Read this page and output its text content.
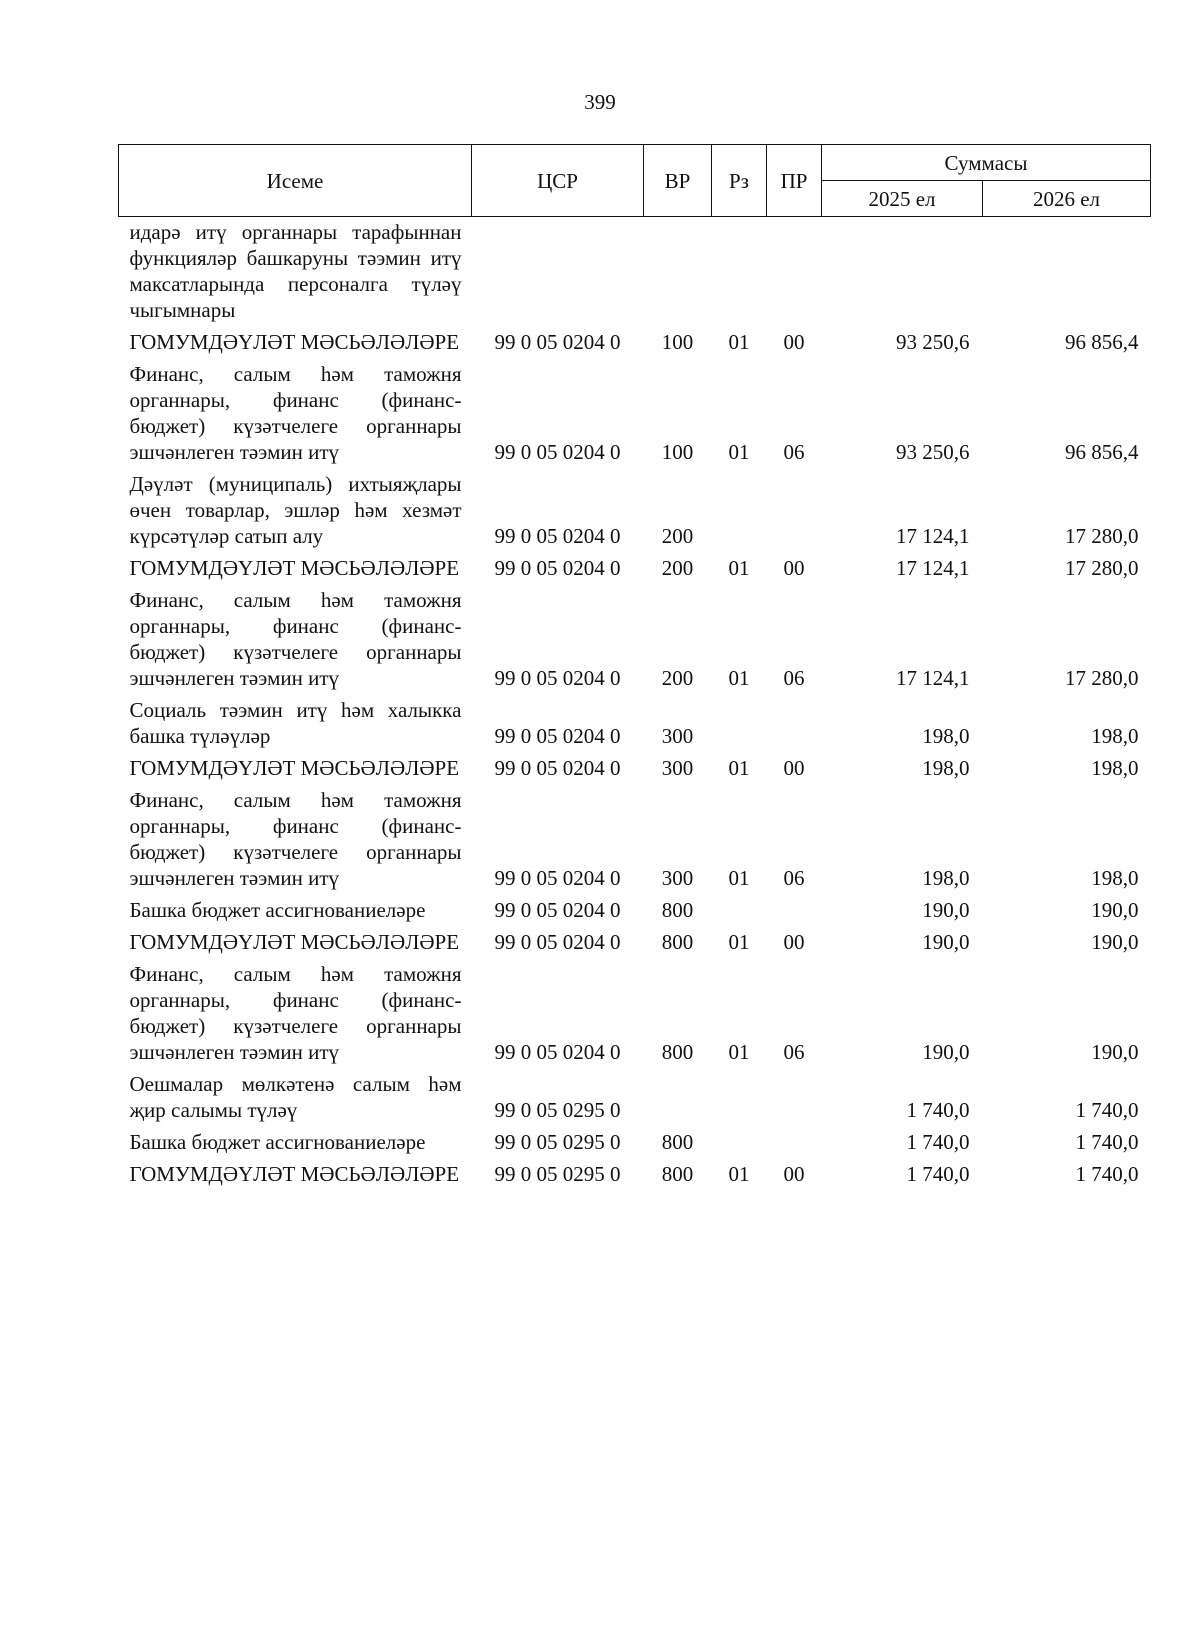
399
Исеме	ЦСР	ВР	Рз	ПР	Суммасы	
					2025 ел	2026 ел
идарә итү органнары тарафыннан функцияләр башкаруны тәэмин итү максатларында персоналга түләү чыгымнары						
ГОМУМДӘҮЛӘТ МӘСЬӘЛӘЛӘРЕ	99 0 05 0204 0	100	01	00	93 250,6	96 856,4
Финанс, салым һәм таможня органнары, финанс (финанс-бюджет) күзәтчелеге органнары эшчәнлеген тәэмин итү	99 0 05 0204 0	100	01	06	93 250,6	96 856,4
Дәүләт (муниципаль) ихтыяҗлары өчен товарлар, эшләр һәм хезмәт күрсәтүләр сатып алу	99 0 05 0204 0	200			17 124,1	17 280,0
ГОМУМДӘҮЛӘТ МӘСЬӘЛӘЛӘРЕ	99 0 05 0204 0	200	01	00	17 124,1	17 280,0
Финанс, салым һәм таможня органнары, финанс (финанс-бюджет) күзәтчелеге органнары эшчәнлеген тәэмин итү	99 0 05 0204 0	200	01	06	17 124,1	17 280,0
Социаль тәэмин итү һәм халыкка башка түләүләр	99 0 05 0204 0	300			198,0	198,0
ГОМУМДӘҮЛӘТ МӘСЬӘЛӘЛӘРЕ	99 0 05 0204 0	300	01	00	198,0	198,0
Финанс, салым һәм таможня органнары, финанс (финанс-бюджет) күзәтчелеге органнары эшчәнлеген тәэмин итү	99 0 05 0204 0	300	01	06	198,0	198,0
Башка бюджет ассигнованиеләре	99 0 05 0204 0	800			190,0	190,0
ГОМУМДӘҮЛӘТ МӘСЬӘЛӘЛӘРЕ	99 0 05 0204 0	800	01	00	190,0	190,0
Финанс, салым һәм таможня органнары, финанс (финанс-бюджет) күзәтчелеге органнары эшчәнлеген тәэмин итү	99 0 05 0204 0	800	01	06	190,0	190,0
Оешмалар мөлкәтенә салым һәм җир салымы түләү	99 0 05 0295 0				1 740,0	1 740,0
Башка бюджет ассигнованиеләре	99 0 05 0295 0	800			1 740,0	1 740,0
ГОМУМДӘҮЛӘТ МӘСЬӘЛӘЛӘРЕ	99 0 05 0295 0	800	01	00	1 740,0	1 740,0
